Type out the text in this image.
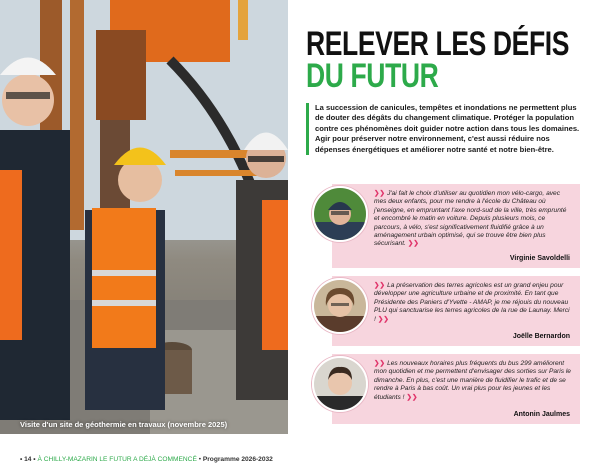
Visite d'un site de géothermie en travaux (novembre 2025)
RELEVER LES DÉFIS
DU FUTUR

La succession de canicules, tempêtes et inondations ne permettent plus de douter des dégâts du changement climatique. Protéger la population contre ces phénomènes doit guider notre action dans tous les domaines.

Agir pour préserver notre environnement, c'est aussi réduire nos dépenses énergétiques et améliorer notre santé et notre bien-être.

❯❯ J'ai fait le choix d'utiliser au quotidien mon vélo-cargo, avec mes deux enfants, pour me rendre à l'école du Château où j'enseigne, en empruntant l'axe nord-sud de la ville, très emprunté et encombré le matin en voiture. Depuis plusieurs mois, ce parcours, à vélo, s'est significativement fluidifié grâce à un aménagement urbain optimisé, qui se trouve être bien plus sécurisant. ❯❯

Virginie Savoldelli

❯❯ La préservation des terres agricoles est un grand enjeu pour développer une agriculture urbaine et de proximité. En tant que Présidente des Paniers d'Yvette - AMAP, je me réjouis du nouveau PLU qui sanctuarise les terres agricoles de la rue de Launay. Merci ! ❯❯

Joëlle Bernardon

❯❯ Les nouveaux horaires plus fréquents du bus 299 améliorent mon quotidien et me permettent d'envisager des sorties sur Paris le dimanche. En plus, c'est une manière de fluidifier le trafic et de se rendre à Paris à bas coût. Un vrai plus pour les jeunes et les étudiants ! ❯❯

Antonin Jaulmes

• 14 • À CHILLY-MAZARIN LE FUTUR A DÉJÀ COMMENCÉ • Programme 2026-2032
